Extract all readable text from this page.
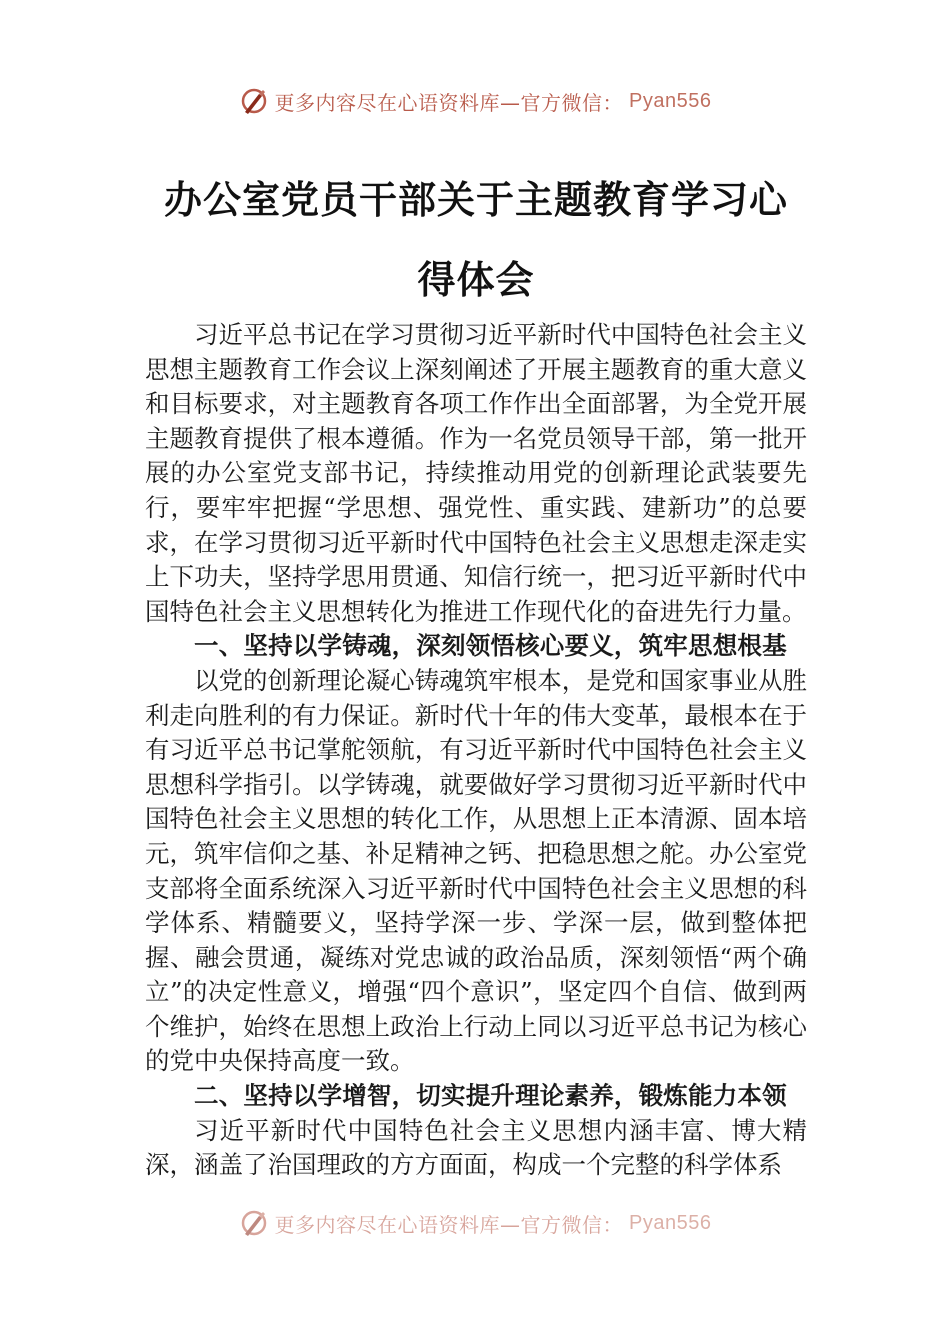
更多内容尽在心语资料库—官方微信： Pyan556
办公室党员干部关于主题教育学习心得体会

习近平总书记在学习贯彻习近平新时代中国特色社会主义思想主题教育工作会议上深刻阐述了开展主题教育的重大意义和目标要求，对主题教育各项工作作出全面部署，为全党开展主题教育提供了根本遵循。作为一名党员领导干部，第一批开展的办公室党支部书记，持续推动用党的创新理论武装要先行，要牢牢把握“学思想、强党性、重实践、建新功”的总要求，在学习贯彻习近平新时代中国特色社会主义思想走深走实上下功夫，坚持学思用贯通、知信行统一，把习近平新时代中国特色社会主义思想转化为推进工作现代化的奋进先行力量。

一、坚持以学铸魂，深刻领悟核心要义，筑牢思想根基

以党的创新理论凝心铸魂筑牢根本，是党和国家事业从胜利走向胜利的有力保证。新时代十年的伟大变革，最根本在于有习近平总书记掌舵领航，有习近平新时代中国特色社会主义思想科学指引。以学铸魂，就要做好学习贯彻习近平新时代中国特色社会主义思想的转化工作，从思想上正本清源、固本培元，筑牢信仰之基、补足精神之钙、把稳思想之舵。办公室党支部将全面系统深入习近平新时代中国特色社会主义思想的科学体系、精髓要义，坚持学深一步、学深一层，做到整体把握、融会贯通，凝练对党忠诚的政治品质，深刻领悟“两个确立”的决定性意义，增强“四个意识”，坚定四个自信、做到两个维护，始终在思想上政治上行动上同以习近平总书记为核心的党中央保持高度一致。

二、坚持以学增智，切实提升理论素养，锻炼能力本领

习近平新时代中国特色社会主义思想内涵丰富、博大精深，涵盖了治国理政的方方面面，构成一个完整的科学体系

更多内容尽在心语资料库—官方微信： Pyan556
